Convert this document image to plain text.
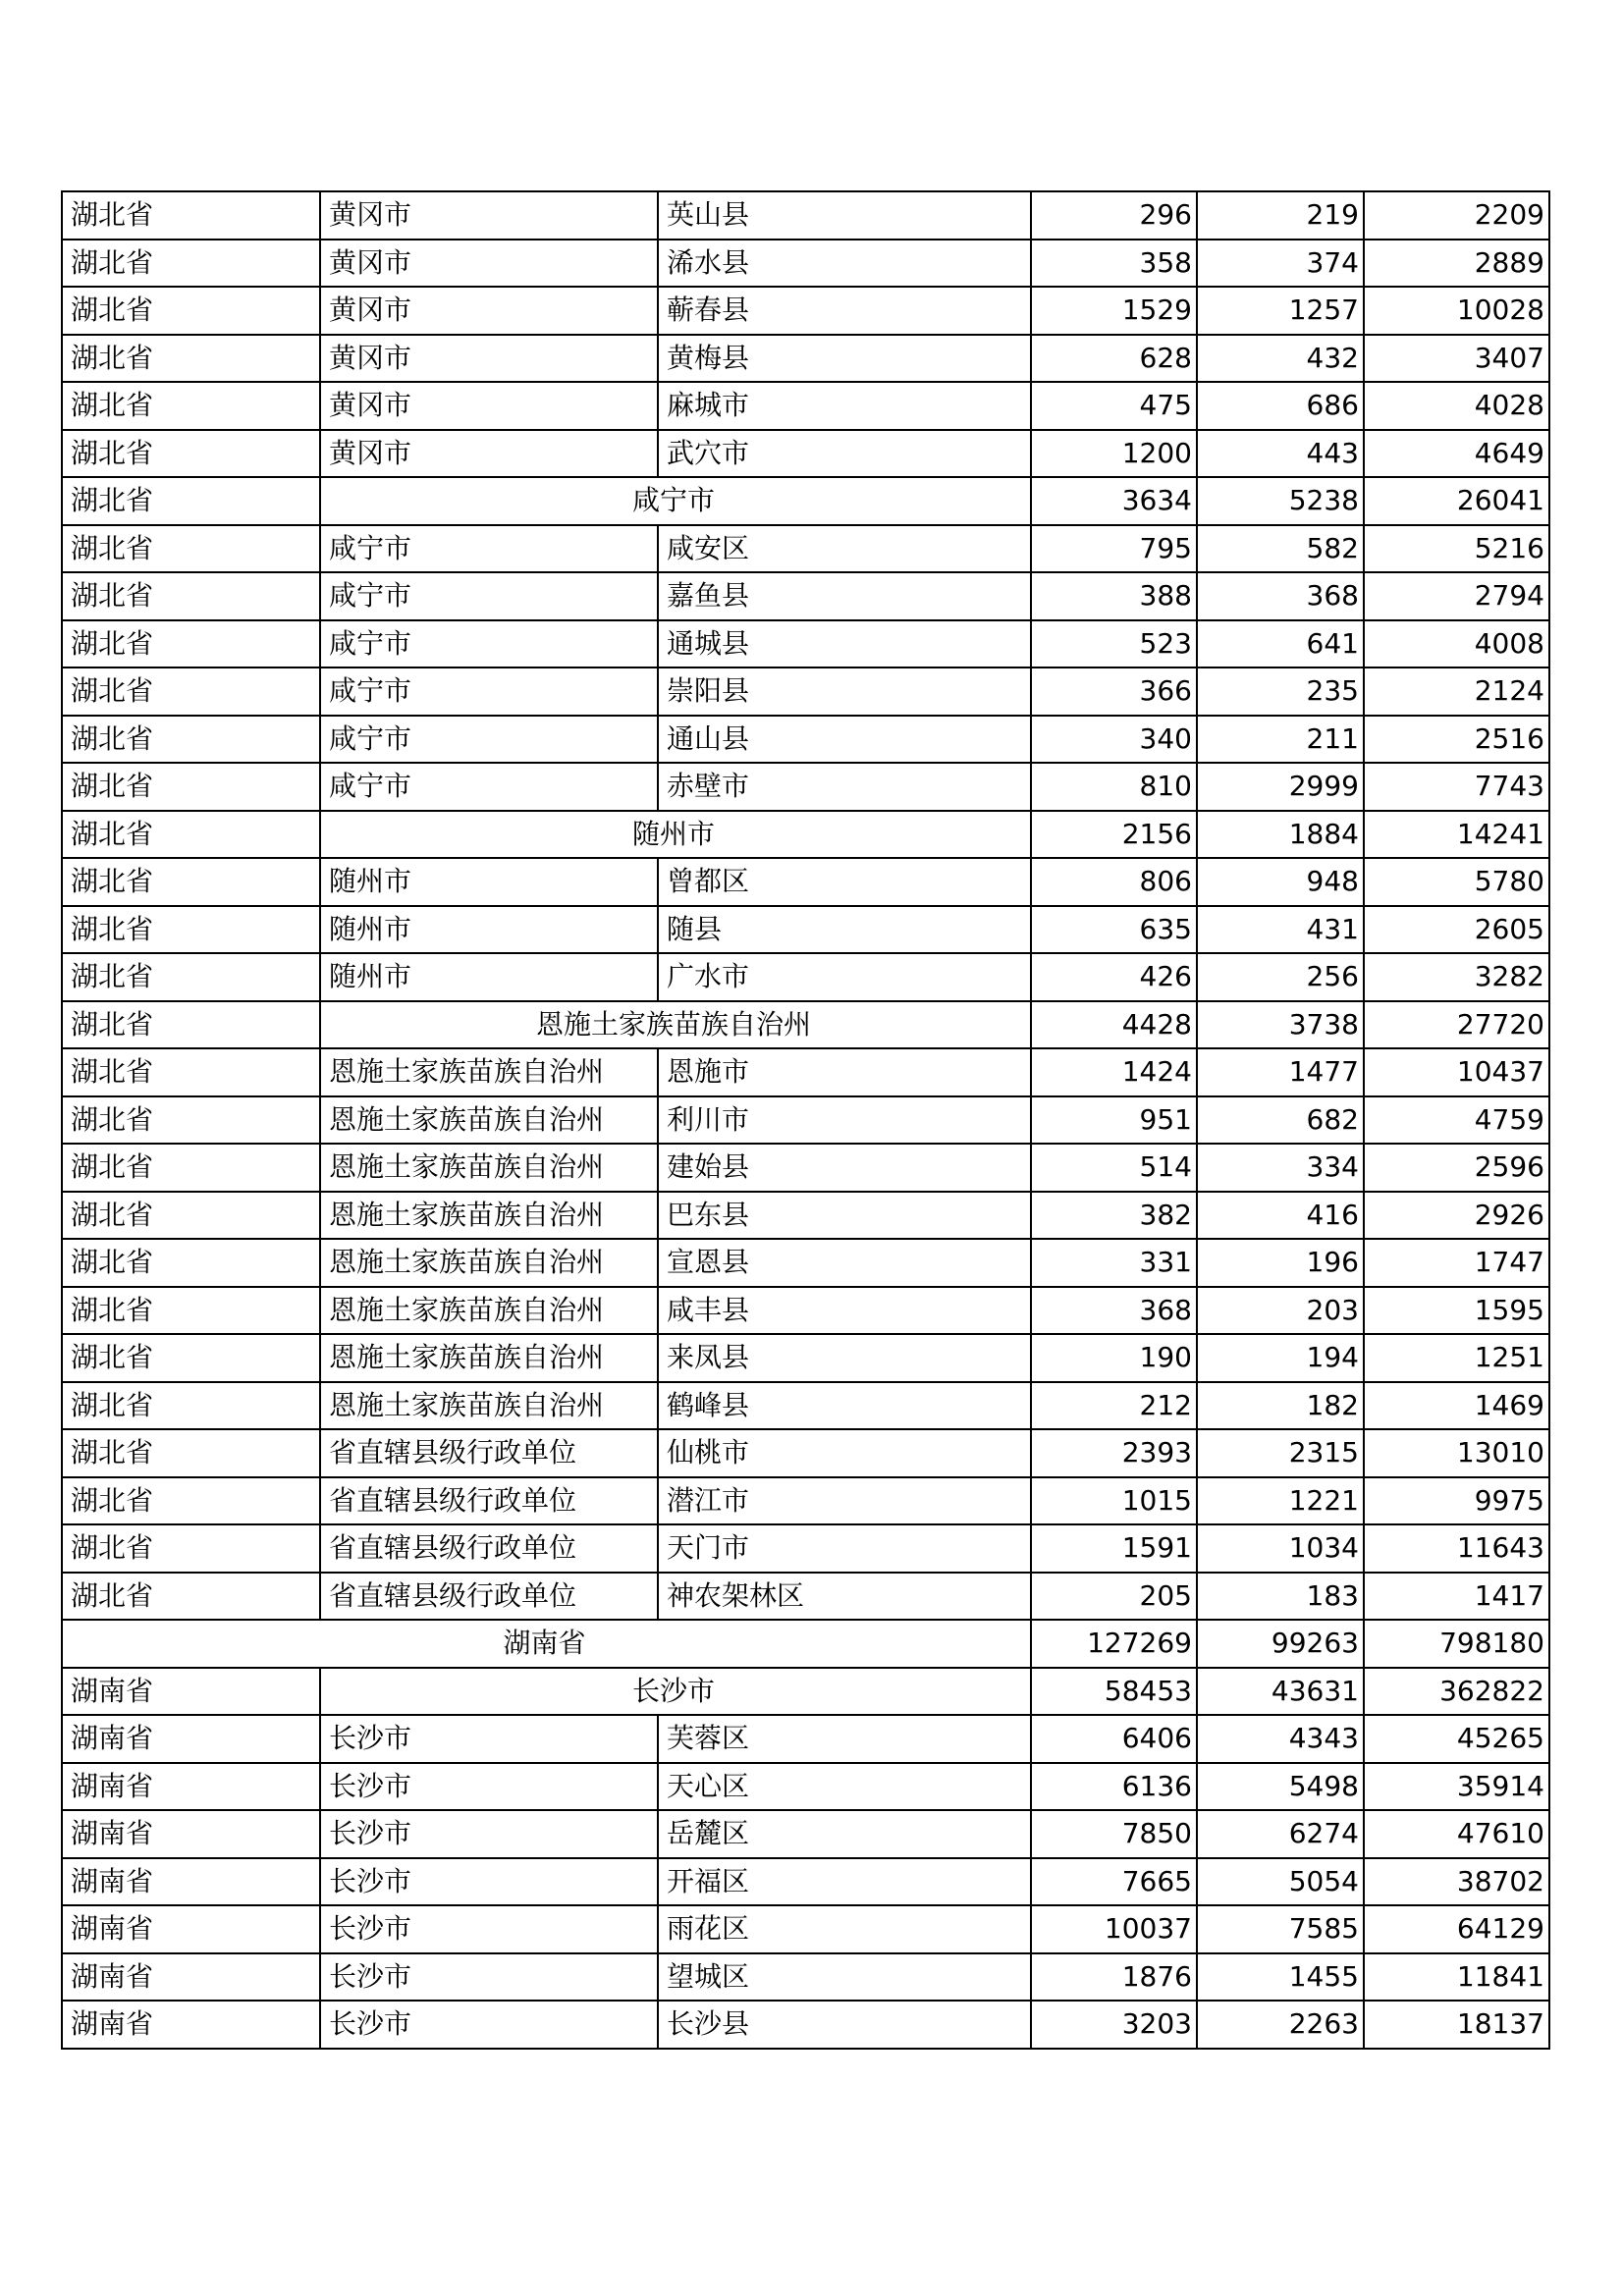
湖北省	黄冈市	英山县	296	219	2209
湖北省	黄冈市	浠水县	358	374	2889
湖北省	黄冈市	蕲春县	1529	1257	10028
湖北省	黄冈市	黄梅县	628	432	3407
湖北省	黄冈市	麻城市	475	686	4028
湖北省	黄冈市	武穴市	1200	443	4649
湖北省	咸宁市		3634	5238	26041
湖北省	咸宁市	咸安区	795	582	5216
湖北省	咸宁市	嘉鱼县	388	368	2794
湖北省	咸宁市	通城县	523	641	4008
湖北省	咸宁市	崇阳县	366	235	2124
湖北省	咸宁市	通山县	340	211	2516
湖北省	咸宁市	赤壁市	810	2999	7743
湖北省	随州市		2156	1884	14241
湖北省	随州市	曾都区	806	948	5780
湖北省	随州市	随县	635	431	2605
湖北省	随州市	广水市	426	256	3282
湖北省	恩施土家族苗族自治州		4428	3738	27720
湖北省	恩施土家族苗族自治州	恩施市	1424	1477	10437
湖北省	恩施土家族苗族自治州	利川市	951	682	4759
湖北省	恩施土家族苗族自治州	建始县	514	334	2596
湖北省	恩施土家族苗族自治州	巴东县	382	416	2926
湖北省	恩施土家族苗族自治州	宣恩县	331	196	1747
湖北省	恩施土家族苗族自治州	咸丰县	368	203	1595
湖北省	恩施土家族苗族自治州	来凤县	190	194	1251
湖北省	恩施土家族苗族自治州	鹤峰县	212	182	1469
湖北省	省直辖县级行政单位	仙桃市	2393	2315	13010
湖北省	省直辖县级行政单位	潜江市	1015	1221	9975
湖北省	省直辖县级行政单位	天门市	1591	1034	11643
湖北省	省直辖县级行政单位	神农架林区	205	183	1417
湖南省			127269	99263	798180
湖南省	长沙市		58453	43631	362822
湖南省	长沙市	芙蓉区	6406	4343	45265
湖南省	长沙市	天心区	6136	5498	35914
湖南省	长沙市	岳麓区	7850	6274	47610
湖南省	长沙市	开福区	7665	5054	38702
湖南省	长沙市	雨花区	10037	7585	64129
湖南省	长沙市	望城区	1876	1455	11841
湖南省	长沙市	长沙县	3203	2263	18137
